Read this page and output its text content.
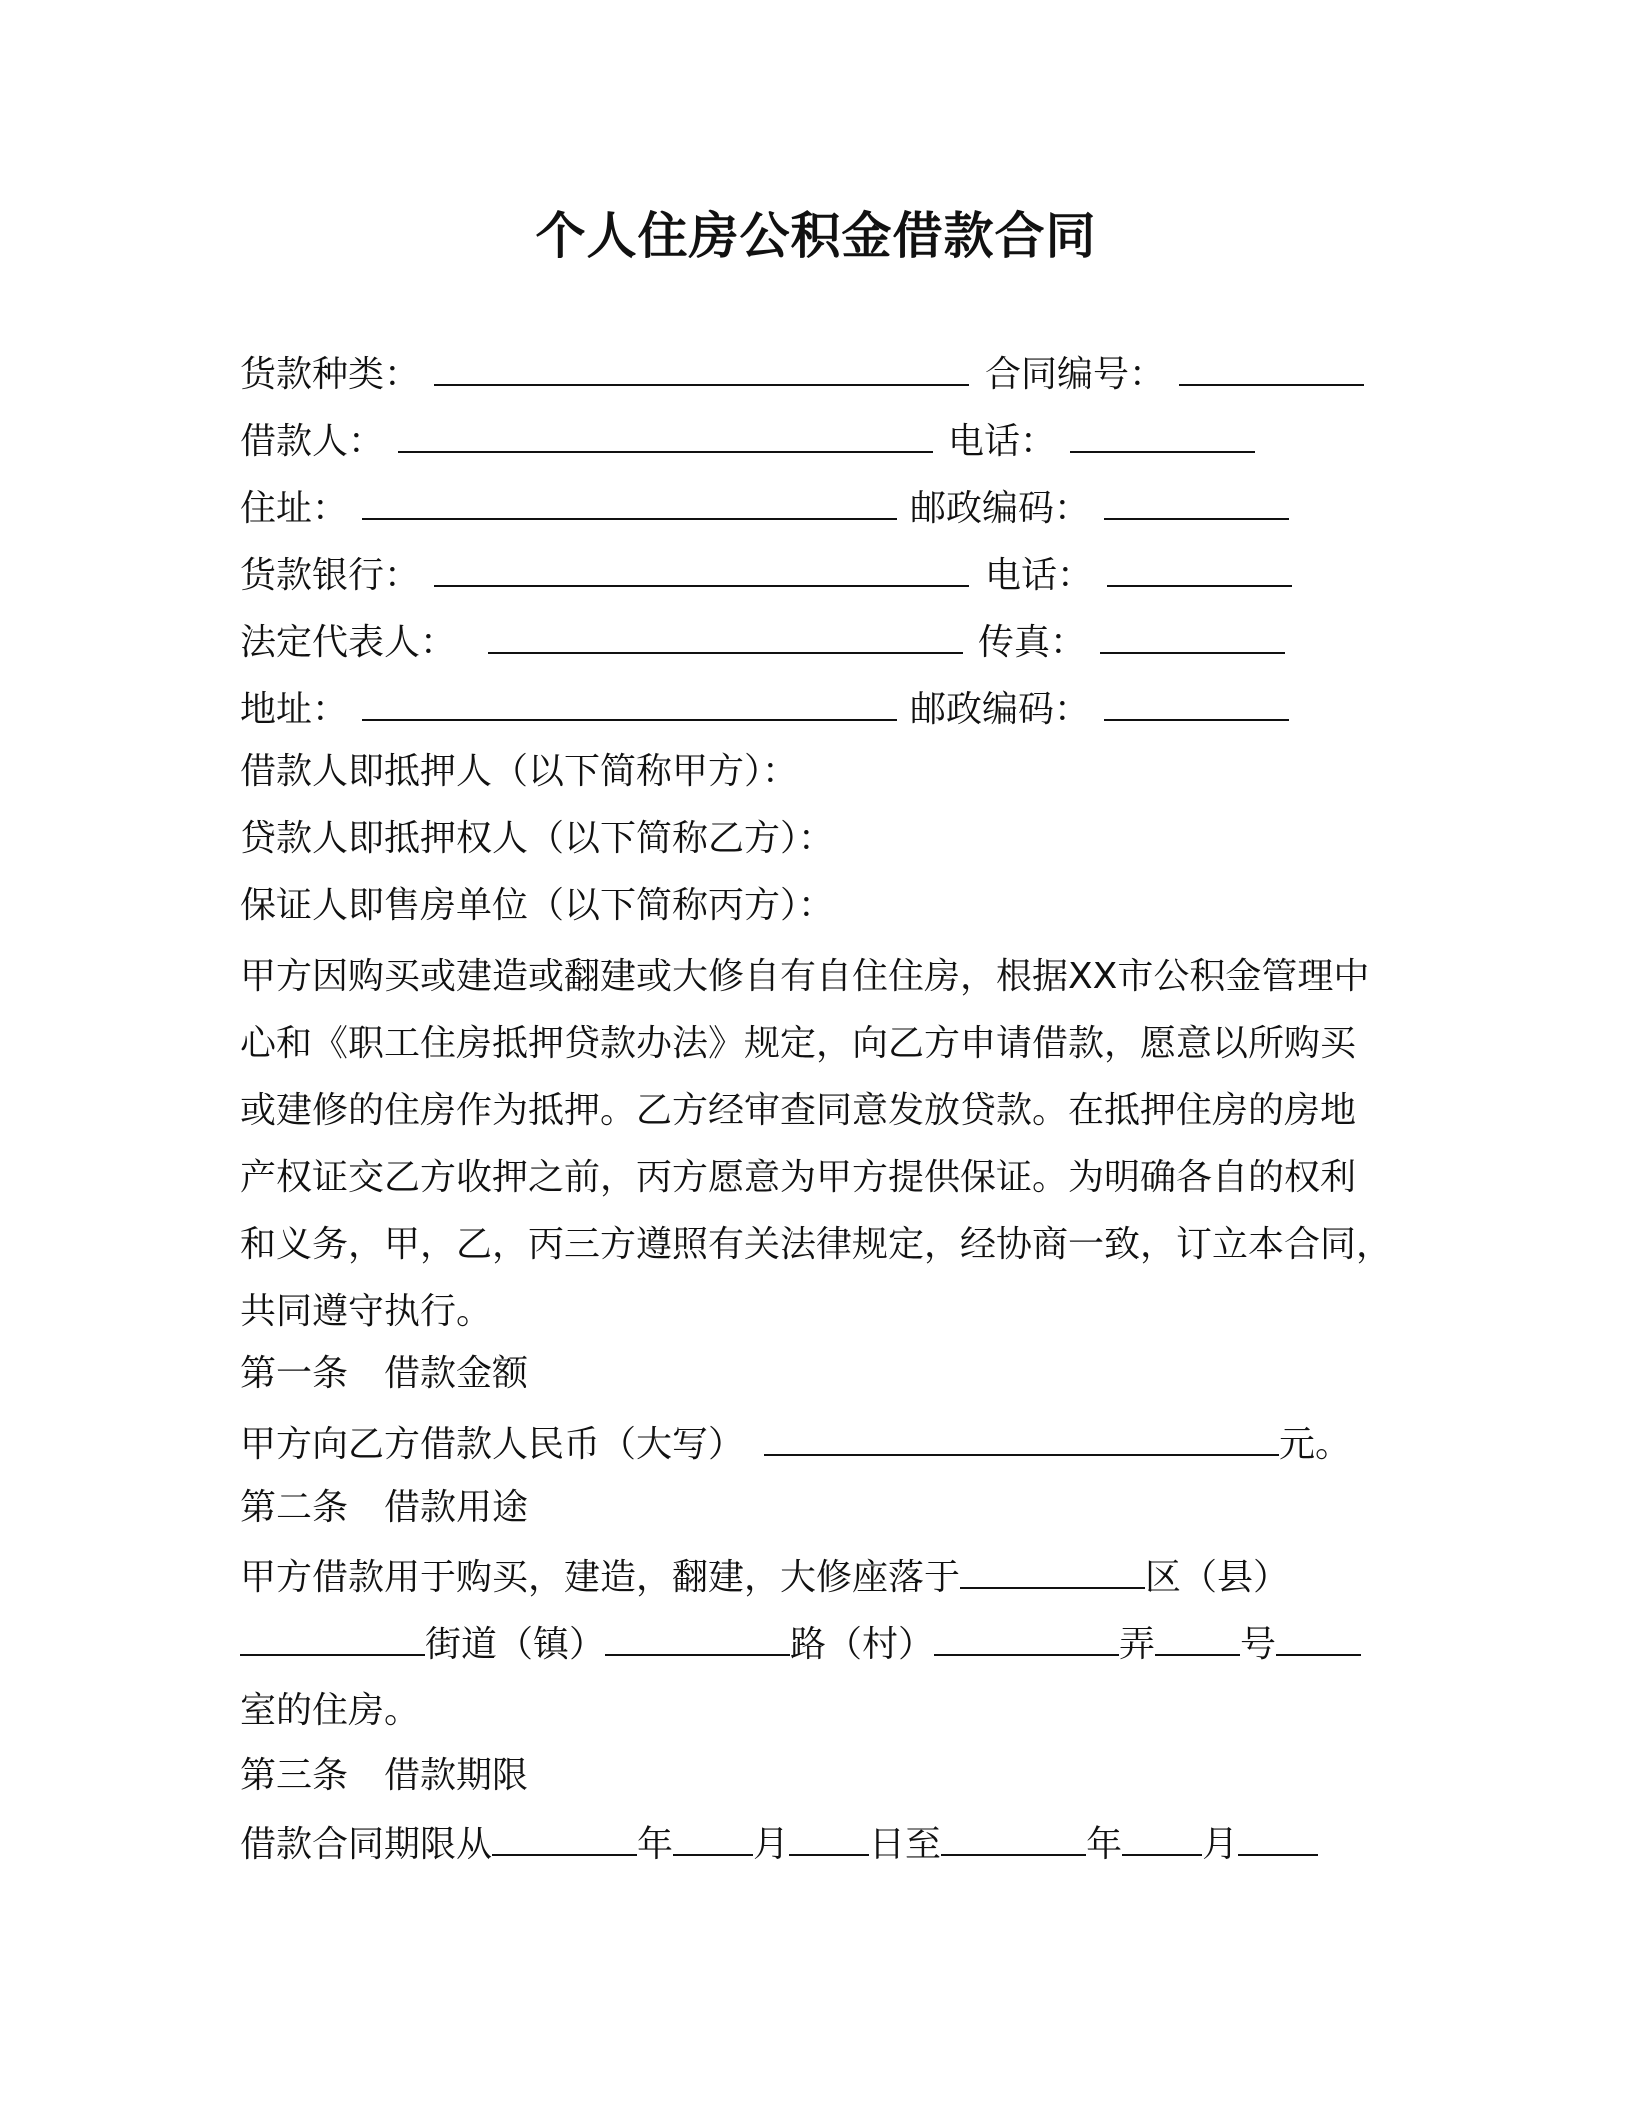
个人住房公积金借款合同
货款种类：	合同编号：
借款人：	电话：
住址：	邮政编码：
货款银行：	电话：
法定代表人：	传真：
地址：	邮政编码：
借款人即抵押人（以下简称甲方）：
贷款人即抵押权人（以下简称乙方）：
保证人即售房单位（以下简称丙方）：
甲方因购买或建造或翻建或大修自有自住住房，根据XX市公积金管理中
心和《职工住房抵押贷款办法》规定，向乙方申请借款，愿意以所购买
或建修的住房作为抵押。乙方经审查同意发放贷款。在抵押住房的房地
产权证交乙方收押之前，丙方愿意为甲方提供保证。为明确各自的权利
和义务，甲，乙，丙三方遵照有关法律规定，经协商一致，订立本合同，
共同遵守执行。
第一条　借款金额
甲方向乙方借款人民币（大写）	元。
第二条　借款用途
甲方借款用于购买，建造，翻建，大修座落于	区（县）
街道（镇）	路（村）	弄 号
室的住房。
第三条　借款期限
借款合同期限从	年 月 日至	年 月
